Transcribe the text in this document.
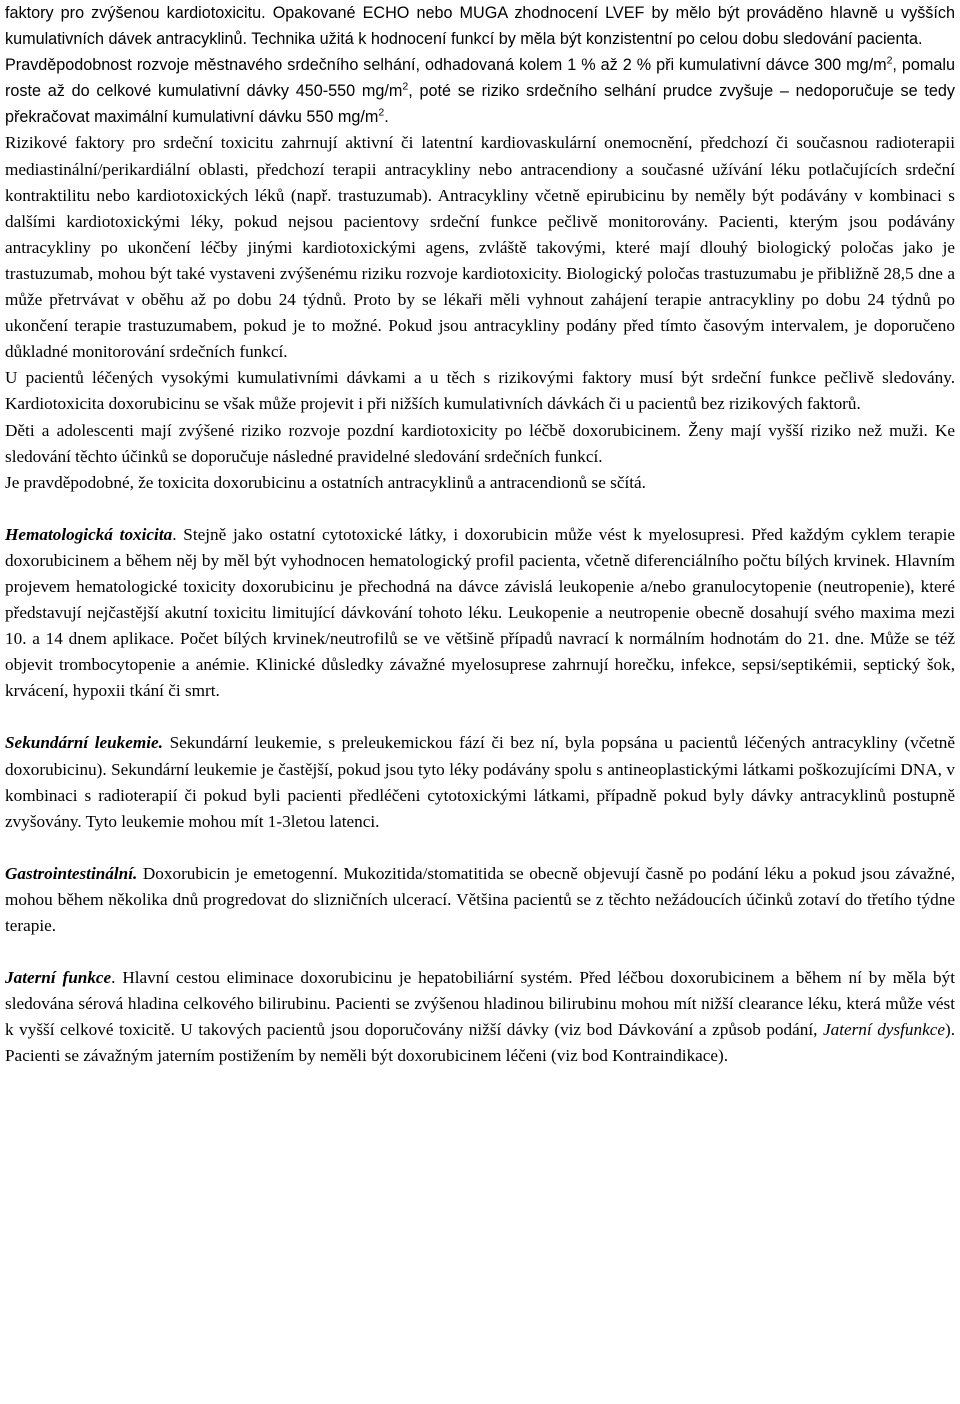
faktory pro zvýšenou kardiotoxicitu. Opakované ECHO nebo MUGA zhodnocení LVEF by mělo být prováděno hlavně u vyšších kumulativních dávek antracyklinů. Technika užitá k hodnocení funkcí by měla být konzistentní po celou dobu sledování pacienta.

Pravděpodobnost rozvoje městnavého srdečního selhání, odhadovaná kolem 1 % až 2 % při kumulativní dávce 300 $mg/m^2$, pomalu roste až do celkové kumulativní dávky 450-550 $mg/m^2$, poté se riziko srdečního selhání prudce zvyšuje – nedoporučuje se tedy překračovat maximální kumulativní dávku 550 $mg/m^2$.

Rizikové faktory pro srdeční toxicitu zahrnují aktivní či latentní kardiovaskulární onemocnění, předchozí či současnou radioterapii mediastinální/perikardiální oblasti, předchozí terapii antracykliny nebo antracendiony a současné užívání léku potlačujících srdeční kontraktilitu nebo kardiotoxických léků (např. trastuzumab). Antracykliny včetně epirubicinu by neměly být podávány v kombinaci s dalšími kardiotoxickými léky, pokud nejsou pacientovy srdeční funkce pečlivě monitorovány. Pacienti, kterým jsou podávány antracykliny po ukončení léčby jinými kardiotoxickými agens, zvláště takovými, které mají dlouhý biologický poločas jako je trastuzumab, mohou být také vystaveni zvýšenému riziku rozvoje kardiotoxicity. Biologický poločas trastuzumabu je přibližně 28,5 dne a může přetrvávat v oběhu až po dobu 24 týdnů. Proto by se lékaři měli vyhnout zahájení terapie antracykliny po dobu 24 týdnů po ukončení terapie trastuzumabem, pokud je to možné. Pokud jsou antracykliny podány před tímto časovým intervalem, je doporučeno důkladné monitorování srdečních funkcí.

U pacientů léčených vysokými kumulativními dávkami a u těch s rizikovými faktory musí být srdeční funkce pečlivě sledovány. Kardiotoxicita doxorubicinu se však může projevit i při nižších kumulativních dávkách či u pacientů bez rizikových faktorů.

Děti a adolescenti mají zvýšené riziko rozvoje pozdní kardiotoxicity po léčbě doxorubicinem. Ženy mají vyšší riziko než muži. Ke sledování těchto účinků se doporučuje následné pravidelné sledování srdečních funkcí.

Je pravděpodobné, že toxicita doxorubicinu a ostatních antracyklinů a antracendionů se sčítá.

Hematologická toxicita. Stejně jako ostatní cytotoxické látky, i doxorubicin může vést k myelosupresi. Před každým cyklem terapie doxorubicinem a během něj by měl být vyhodnocen hematologický profil pacienta, včetně diferenciálního počtu bílých krvinek. Hlavním projevem hematologické toxicity doxorubicinu je přechodná na dávce závislá leukopenie a/nebo granulocytopenie (neutropenie), které představují nejčastější akutní toxicitu limitující dávkování tohoto léku. Leukopenie a neutropenie obecně dosahují svého maxima mezi 10. a 14 dnem aplikace. Počet bílých krvinek/neutrofilů se ve většině případů navrací k normálním hodnotám do 21. dne. Může se též objevit trombocytopenie a anémie. Klinické důsledky závažné myelosuprese zahrnují horečku, infekce, sepsi/septikémii, septický šok, krvácení, hypoxii tkání či smrt.

Sekundární leukemie. Sekundární leukemie, s preleukemickou fází či bez ní, byla popsána u pacientů léčených antracykliny (včetně doxorubicinu). Sekundární leukemie je častější, pokud jsou tyto léky podávány spolu s antineoplastickými látkami poškozujícími DNA, v kombinaci s radioterapií či pokud byli pacienti předléčeni cytotoxickými látkami, případně pokud byly dávky antracyklinů postupně zvyšovány. Tyto leukemie mohou mít 1-3letou latenci.

Gastrointestinální. Doxorubicin je emetogenní. Mukozitida/stomatitida se obecně objevují časně po podání léku a pokud jsou závažné, mohou během několika dnů progredovat do slizničních ulcerací. Většina pacientů se z těchto nežádoucích účinků zotaví do třetího týdne terapie.

Jaterní funkce. Hlavní cestou eliminace doxorubicinu je hepatobiliární systém. Před léčbou doxorubicinem a během ní by měla být sledována sérová hladina celkového bilirubinu. Pacienti se zvýšenou hladinou bilirubinu mohou mít nižší clearance léku, která může vést k vyšší celkové toxicitě. U takových pacientů jsou doporučovány nižší dávky (viz bod Dávkování a způsob podání, Jaterní dysfunkce). Pacienti se závažným jaterním postižením by neměli být doxorubicinem léčeni (viz bod Kontraindikace).
